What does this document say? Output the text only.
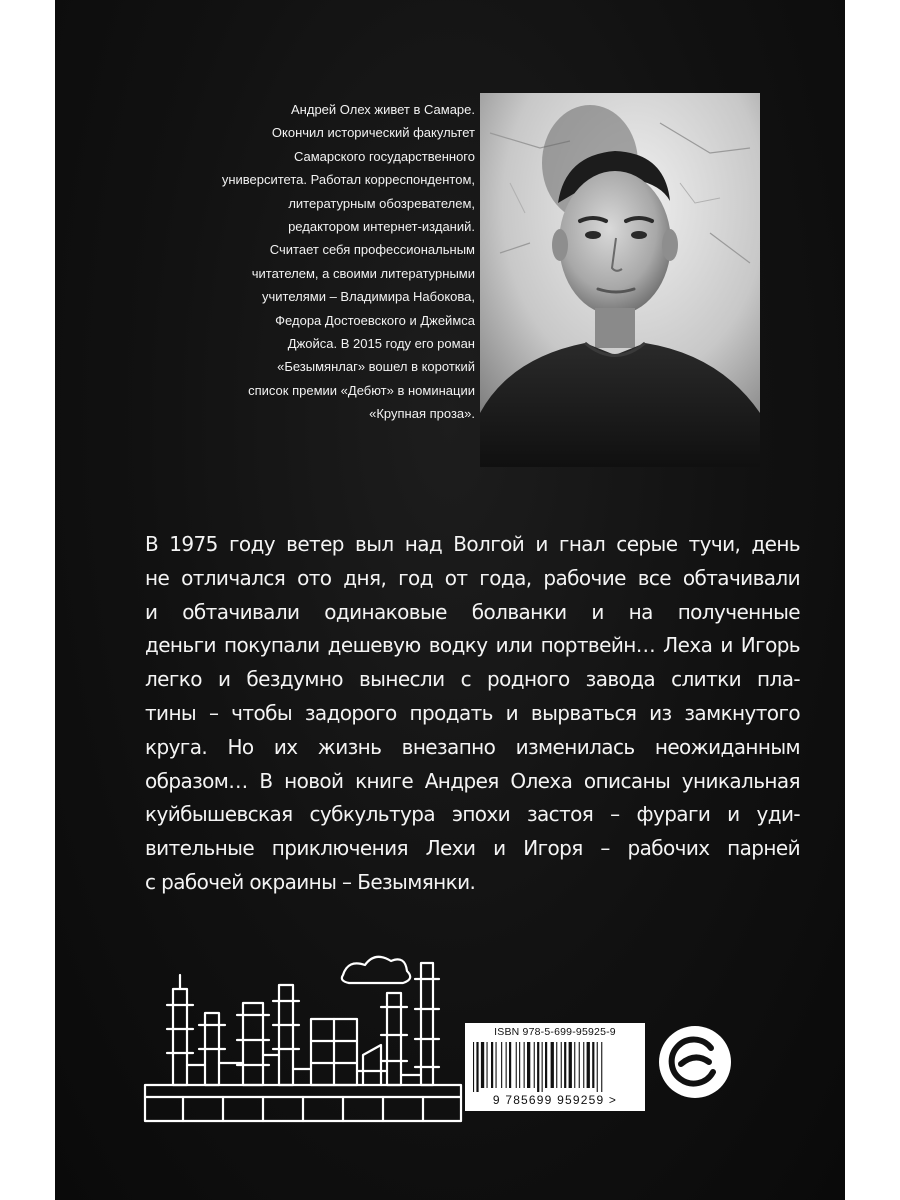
Андрей Олех живет в Самаре.
Окончил исторический факультет
Самарского государственного
университета. Работал корреспондентом,
литературным обозревателем,
редактором интернет-изданий.
Считает себя профессиональным
читателем, а своими литературными
учителями – Владимира Набокова,
Федора Достоевского и Джеймса
Джойса. В 2015 году его роман
«Безымянлаг» вошел в короткий
список премии «Дебют» в номинации
«Крупная проза».
В 1975 году ветер выл над Волгой и гнал серые тучи, день
не отличался ото дня, год от года, рабочие все обтачивали
и обтачивали одинаковые болванки и на полученные
деньги покупали дешевую водку или портвейн… Леха и Игорь
легко и бездумно вынесли с родного завода слитки пла-
тины – чтобы задорого продать и вырваться из замкнутого
круга. Но их жизнь внезапно изменилась неожиданным
образом… В новой книге Андрея Олеха описаны уникальная
куйбышевская субкультура эпохи застоя – фураги и уди-
вительные приключения Лехи и Игоря – рабочих парней
с рабочей окраины – Безымянки.
ISBN 978-5-699-95925-9
9 785699 959259 >
